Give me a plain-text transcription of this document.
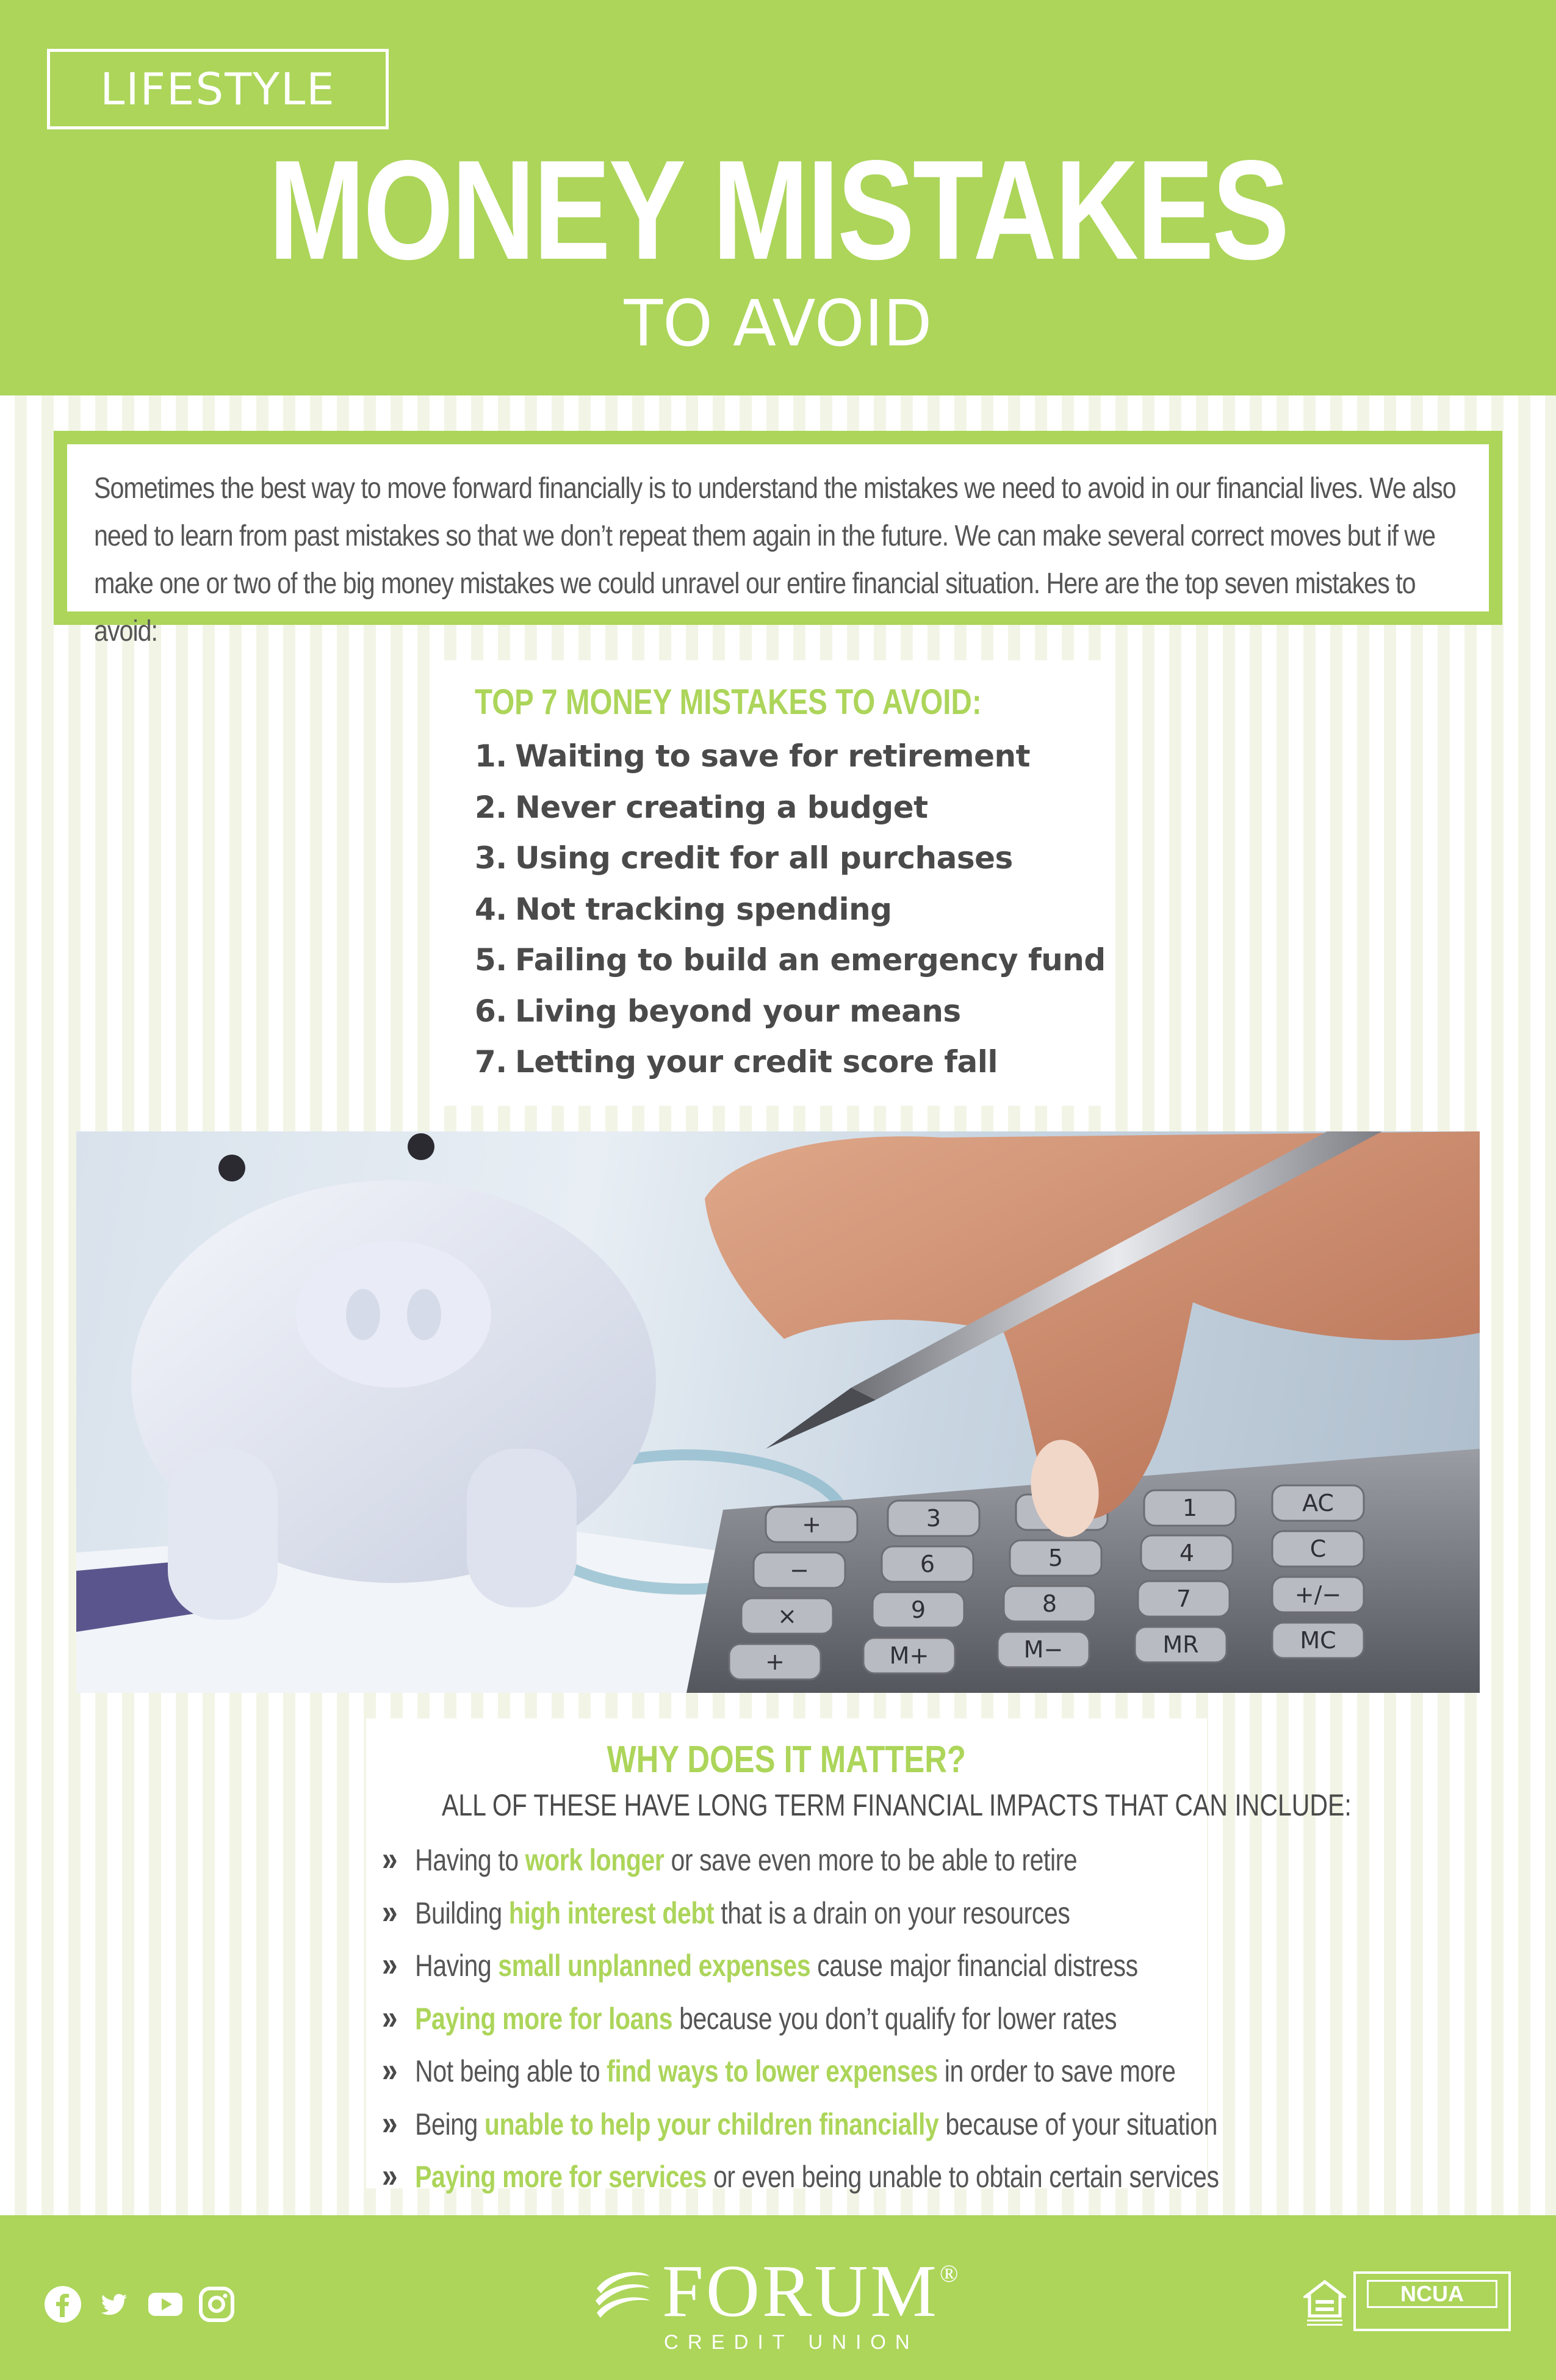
LIFESTYLE
MONEY MISTAKES
TO AVOID

Sometimes the best way to move forward financially is to understand the mistakes we need to avoid in our financial lives. We also need to learn from past mistakes so that we don’t repeat them again in the future. We can make several correct moves but if we make one or two of the big money mistakes we could unravel our entire financial situation. Here are the top seven mistakes to avoid:

TOP 7 MONEY MISTAKES TO AVOID:
1. Waiting to save for retirement
2. Never creating a budget
3. Using credit for all purchases
4. Not tracking spending
5. Failing to build an emergency fund
6. Living beyond your means
7. Letting your credit score fall
+	3	1	AC
−	6	5	4	C
×	9	8	7	+/−
+	M+	M−	MR	MC
WHY DOES IT MATTER?
ALL OF THESE HAVE LONG TERM FINANCIAL IMPACTS THAT CAN INCLUDE:
» Having to work longer or save even more to be able to retire
» Building high interest debt that is a drain on your resources
» Having small unplanned expenses cause major financial distress
» Paying more for loans because you don’t qualify for lower rates
» Not being able to find ways to lower expenses in order to save more
» Being unable to help your children financially because of your situation
» Paying more for services or even being unable to obtain certain services
FORUM ®
CREDIT UNION
NCUA
